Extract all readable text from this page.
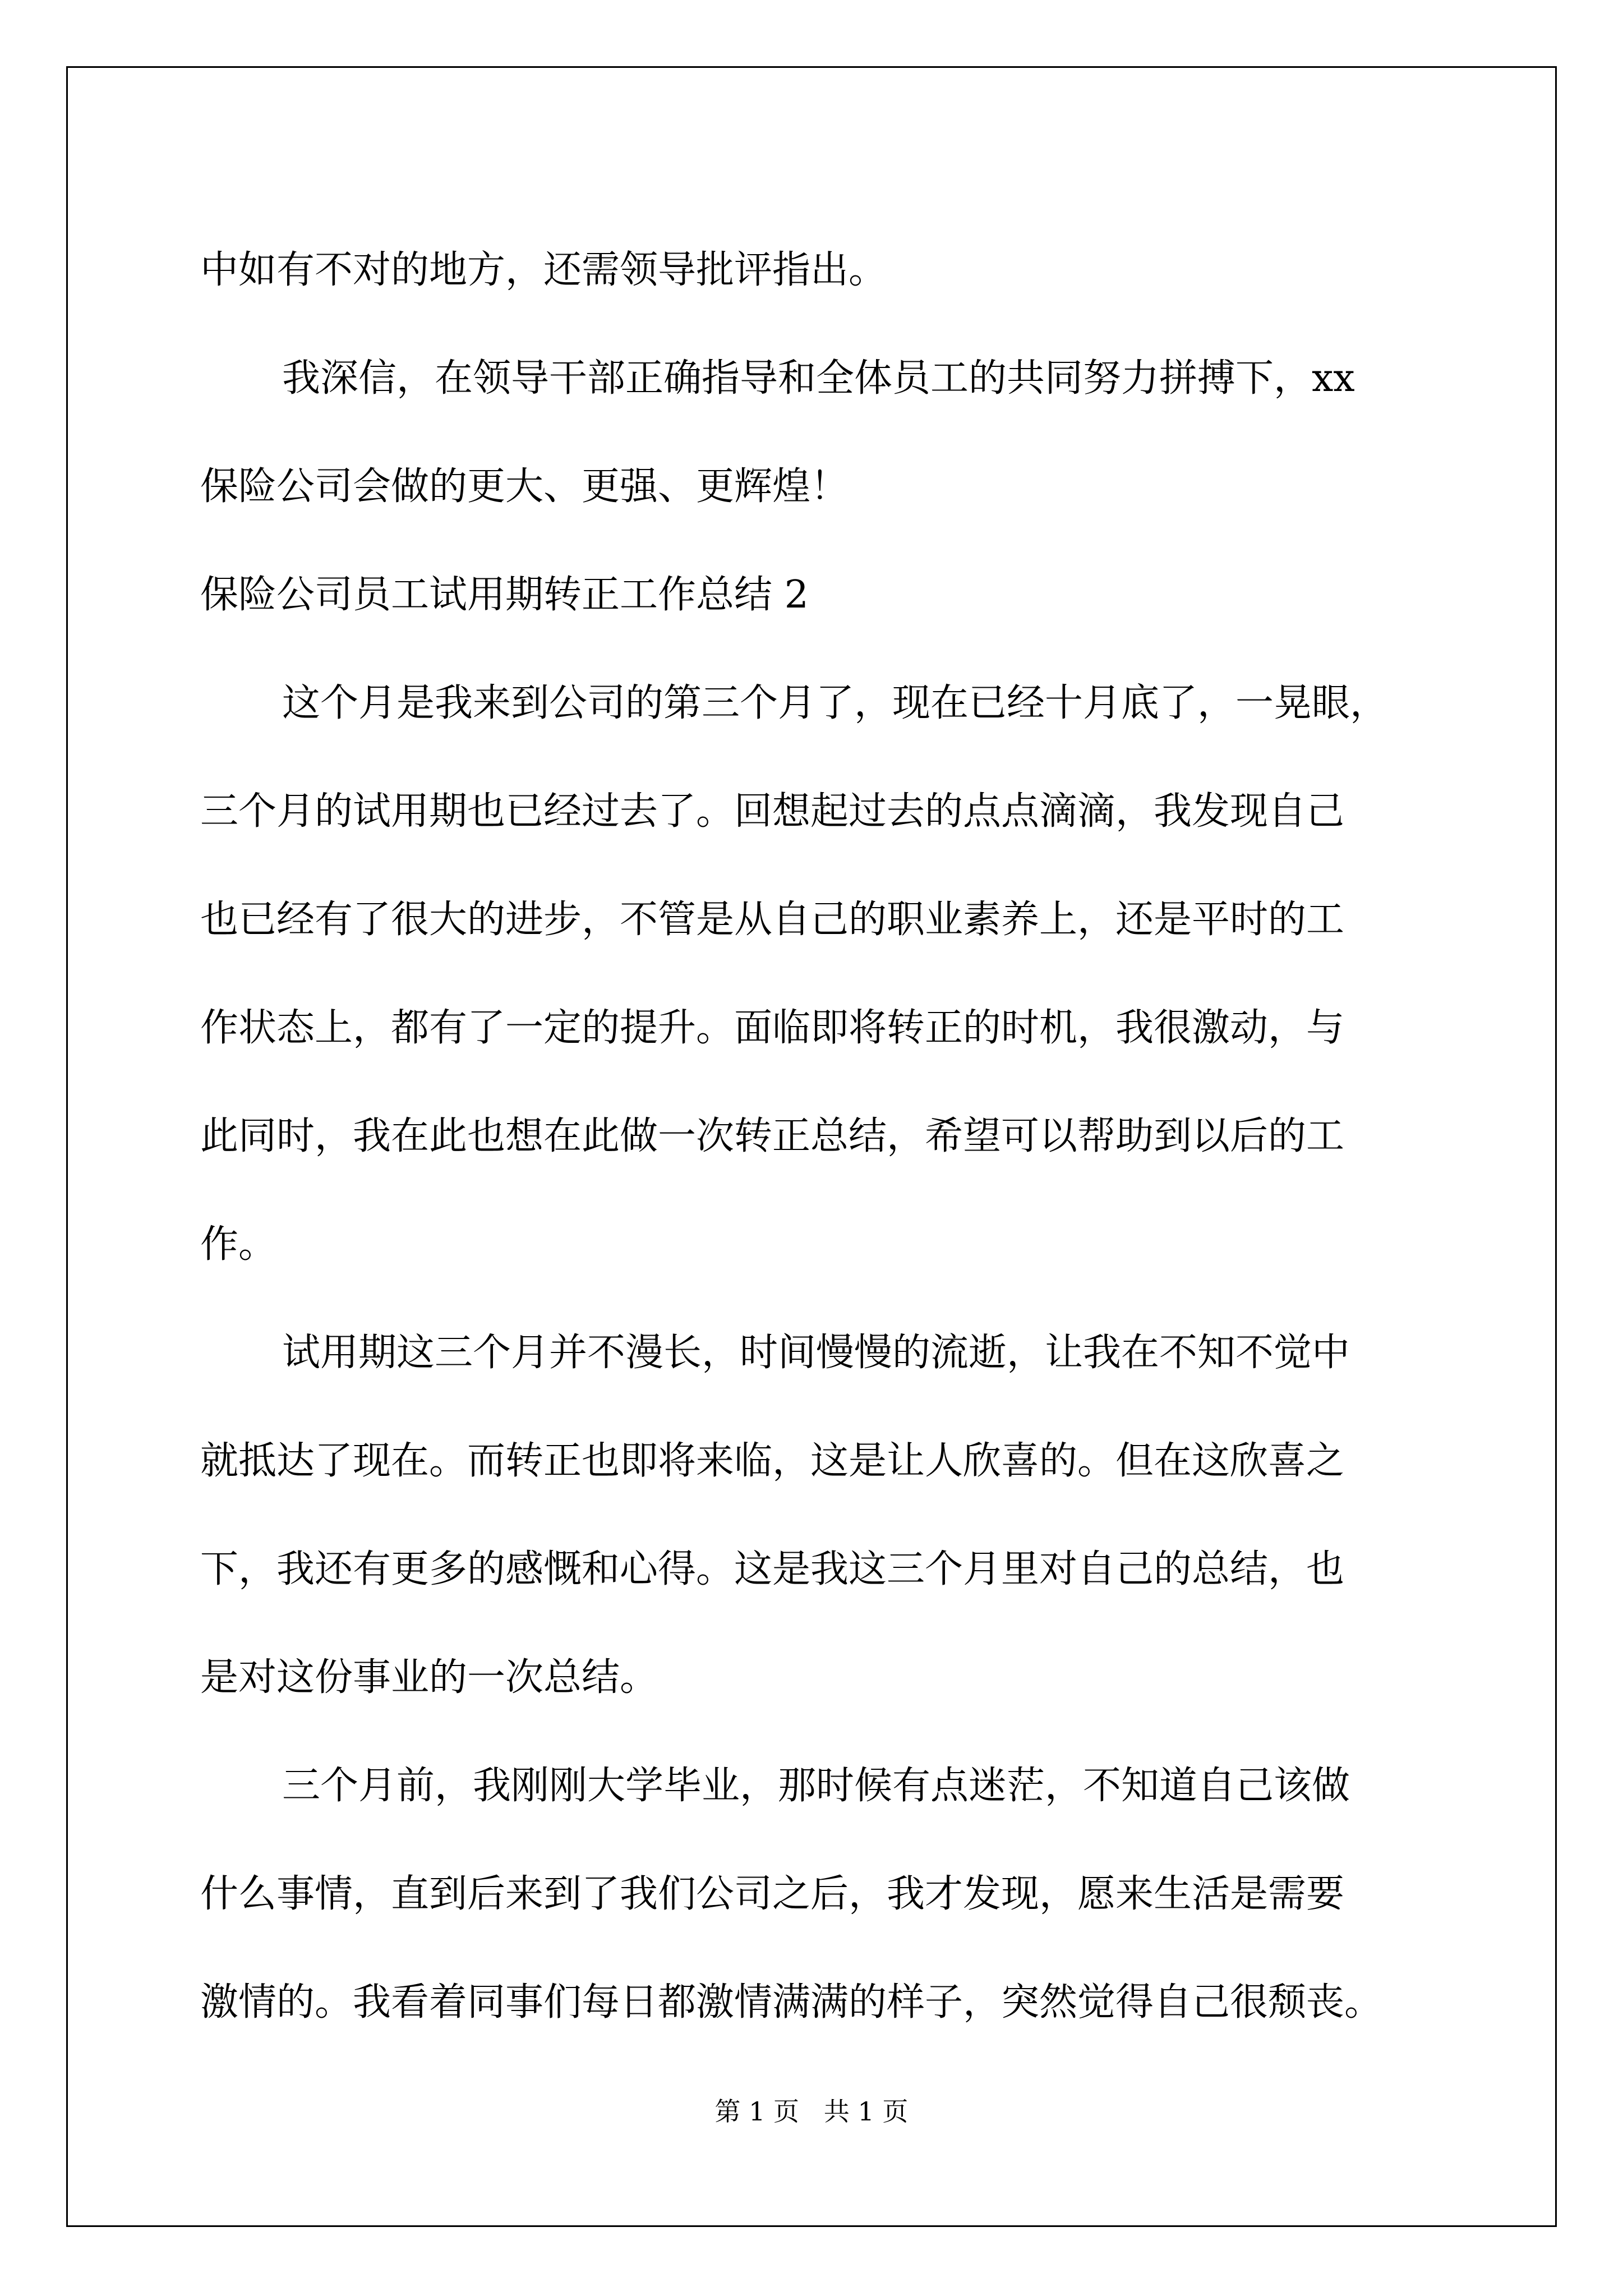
中如有不对的地方，还需领导批评指出。

我深信，在领导干部正确指导和全体员工的共同努力拼搏下，xx

保险公司会做的更大、更强、更辉煌！

保险公司员工试用期转正工作总结 2

这个月是我来到公司的第三个月了，现在已经十月底了，一晃眼，

三个月的试用期也已经过去了。回想起过去的点点滴滴，我发现自己

也已经有了很大的进步，不管是从自己的职业素养上，还是平时的工

作状态上，都有了一定的提升。面临即将转正的时机，我很激动，与

此同时，我在此也想在此做一次转正总结，希望可以帮助到以后的工

作。

试用期这三个月并不漫长，时间慢慢的流逝，让我在不知不觉中

就抵达了现在。而转正也即将来临，这是让人欣喜的。但在这欣喜之

下，我还有更多的感慨和心得。这是我这三个月里对自己的总结，也

是对这份事业的一次总结。

三个月前，我刚刚大学毕业，那时候有点迷茫，不知道自己该做

什么事情，直到后来到了我们公司之后，我才发现，愿来生活是需要

激情的。我看着同事们每日都激情满满的样子，突然觉得自己很颓丧。

第 1 页   共 1 页
